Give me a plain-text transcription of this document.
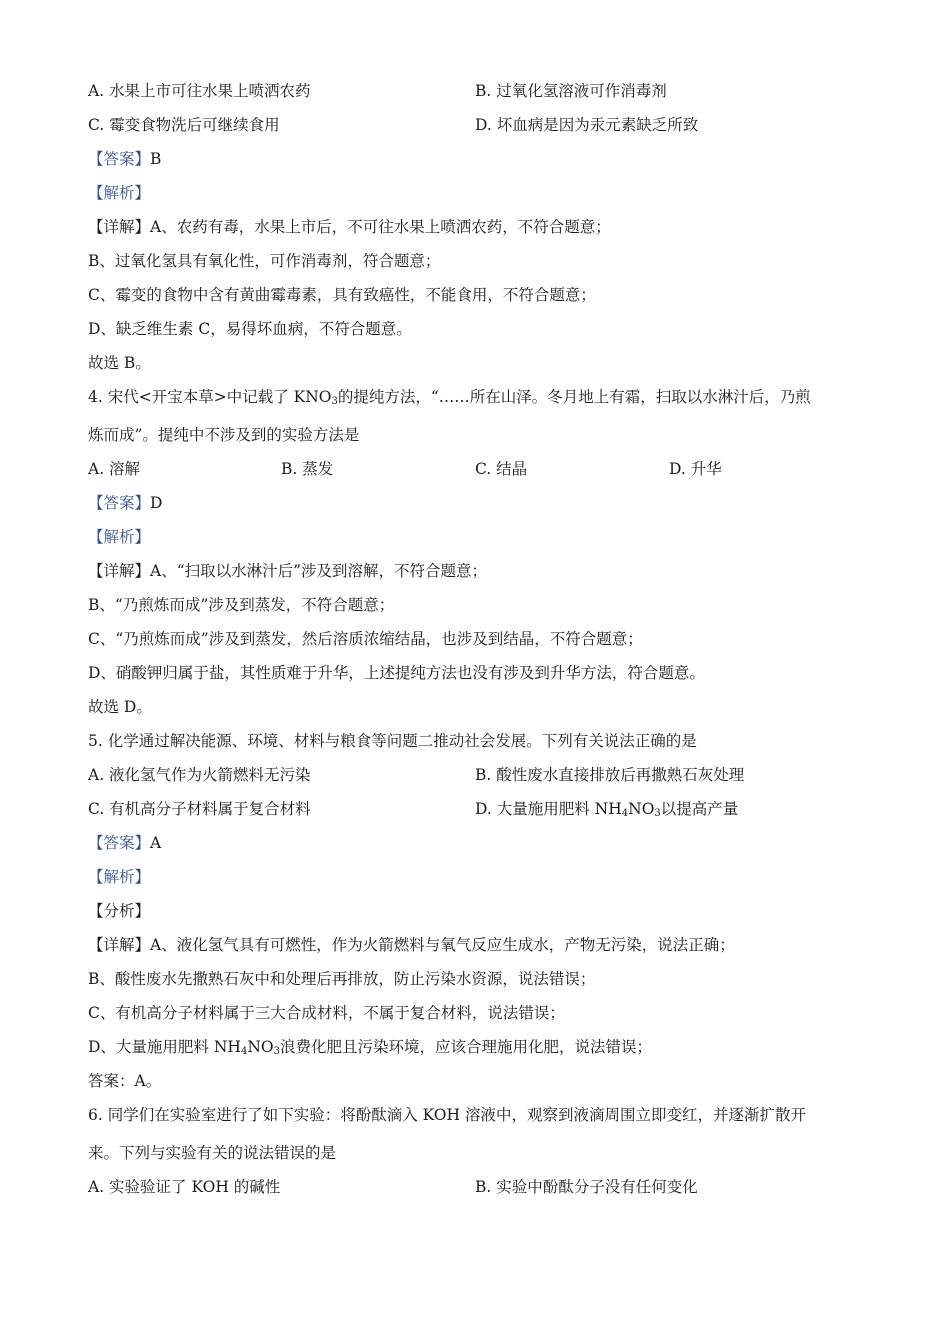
A. 水果上市可往水果上喷洒农药	B. 过氧化氢溶液可作消毒剂
C. 霉变食物洗后可继续食用	D. 坏血病是因为汞元素缺乏所致
【答案】B
【解析】
【详解】A、农药有毒，水果上市后，不可往水果上喷洒农药，不符合题意；
B、过氧化氢具有氧化性，可作消毒剂，符合题意；
C、霉变的食物中含有黄曲霉毒素，具有致癌性，不能食用，不符合题意；
D、缺乏维生素 C，易得坏血病，不符合题意。
故选 B。
4. 宋代<开宝本草>中记载了 $KNO_3$的提纯方法，“……所在山泽。冬月地上有霜，扫取以水淋汁后，乃煎
炼而成”。提纯中不涉及到的实验方法是
A. 溶解	B. 蒸发	C. 结晶	D. 升华
【答案】D
【解析】
【详解】A、“扫取以水淋汁后”涉及到溶解，不符合题意；
B、“乃煎炼而成”涉及到蒸发，不符合题意；
C、“乃煎炼而成”涉及到蒸发，然后溶质浓缩结晶，也涉及到结晶，不符合题意；
D、硝酸钾归属于盐，其性质难于升华，上述提纯方法也没有涉及到升华方法，符合题意。
故选 D。
5. 化学通过解决能源、环境、材料与粮食等问题二推动社会发展。下列有关说法正确的是
A. 液化氢气作为火箭燃料无污染	B. 酸性废水直接排放后再撒熟石灰处理
C. 有机高分子材料属于复合材料	D. 大量施用肥料 $NH_4NO_3$以提高产量
【答案】A
【解析】
【分析】
【详解】A、液化氢气具有可燃性，作为火箭燃料与氧气反应生成水，产物无污染，说法正确；
B、酸性废水先撒熟石灰中和处理后再排放，防止污染水资源，说法错误；
C、有机高分子材料属于三大合成材料，不属于复合材料，说法错误；
D、大量施用肥料 $NH_4NO_3$浪费化肥且污染环境，应该合理施用化肥，说法错误；
答案：A。
6. 同学们在实验室进行了如下实验：将酚酞滴入 KOH 溶液中，观察到液滴周围立即变红，并逐渐扩散开
来。下列与实验有关的说法错误的是
A. 实验验证了 KOH 的碱性	B. 实验中酚酞分子没有任何变化
